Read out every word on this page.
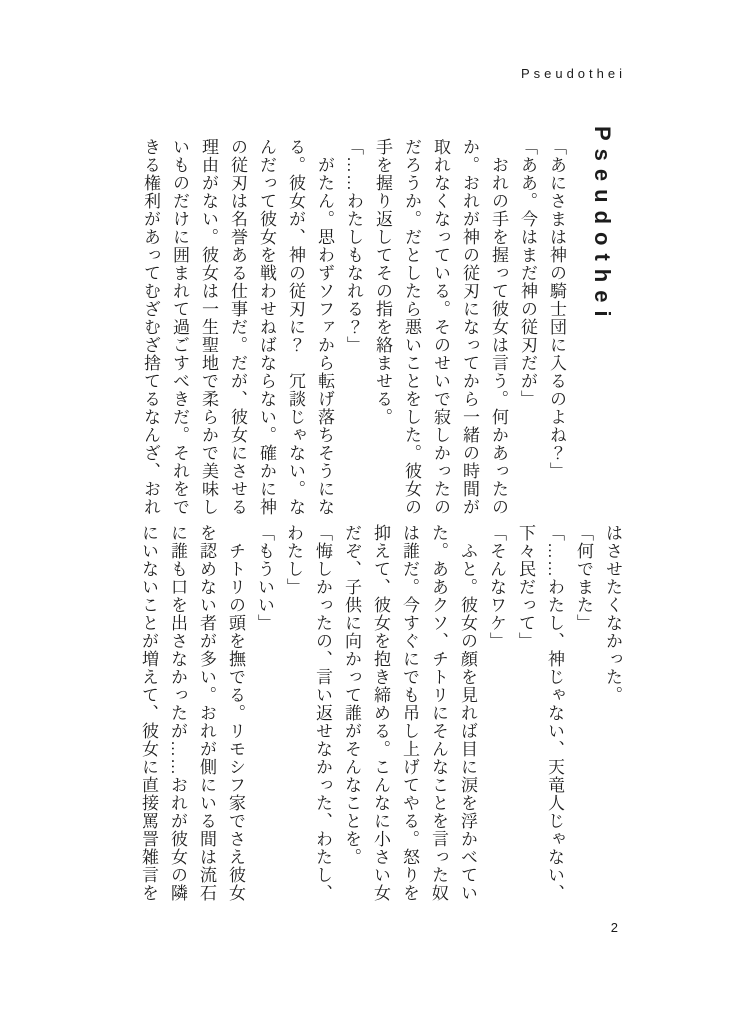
Pseudothei
Pseudothei

「あにさまは神の騎士団に入るのよね？」

「ああ。今はまだ神の従刃だが」

　おれの手を握って彼女は言う。何かあったの

か。おれが神の従刃になってから一緒の時間が

取れなくなっている。そのせいで寂しかったの

だろうか。だとしたら悪いことをした。彼女の

手を握り返してその指を絡ませる。

「……わたしもなれる？」

　がたん。思わずソファから転げ落ちそうにな

る。彼女が、神の従刃に？　冗談じゃない。な

んだって彼女を戦わせねばならない。確かに神

の従刃は名誉ある仕事だ。だが、彼女にさせる

理由がない。彼女は一生聖地で柔らかで美味し

いものだけに囲まれて過ごすべきだ。それをで

きる権利があってむざむざ捨てるなんざ、おれ

はさせたくなかった。

「何でまた」

「……わたし、神じゃない、天竜人じゃない、

下々民だって」

「そんなワケ」

　ふと。彼女の顔を見れば目に涙を浮かべてい

た。ああクソ、チトリにそんなことを言った奴

は誰だ。今すぐにでも吊し上げてやる。怒りを

抑えて、彼女を抱き締める。こんなに小さい女

だぞ、子供に向かって誰がそんなことを。

「悔しかったの、言い返せなかった、わたし、

わたし」

「もういい」

　チトリの頭を撫でる。リモシフ家でさえ彼女

を認めない者が多い。おれが側にいる間は流石

に誰も口を出さなかったが……おれが彼女の隣

にいないことが増えて、彼女に直接罵詈雑言を

2
